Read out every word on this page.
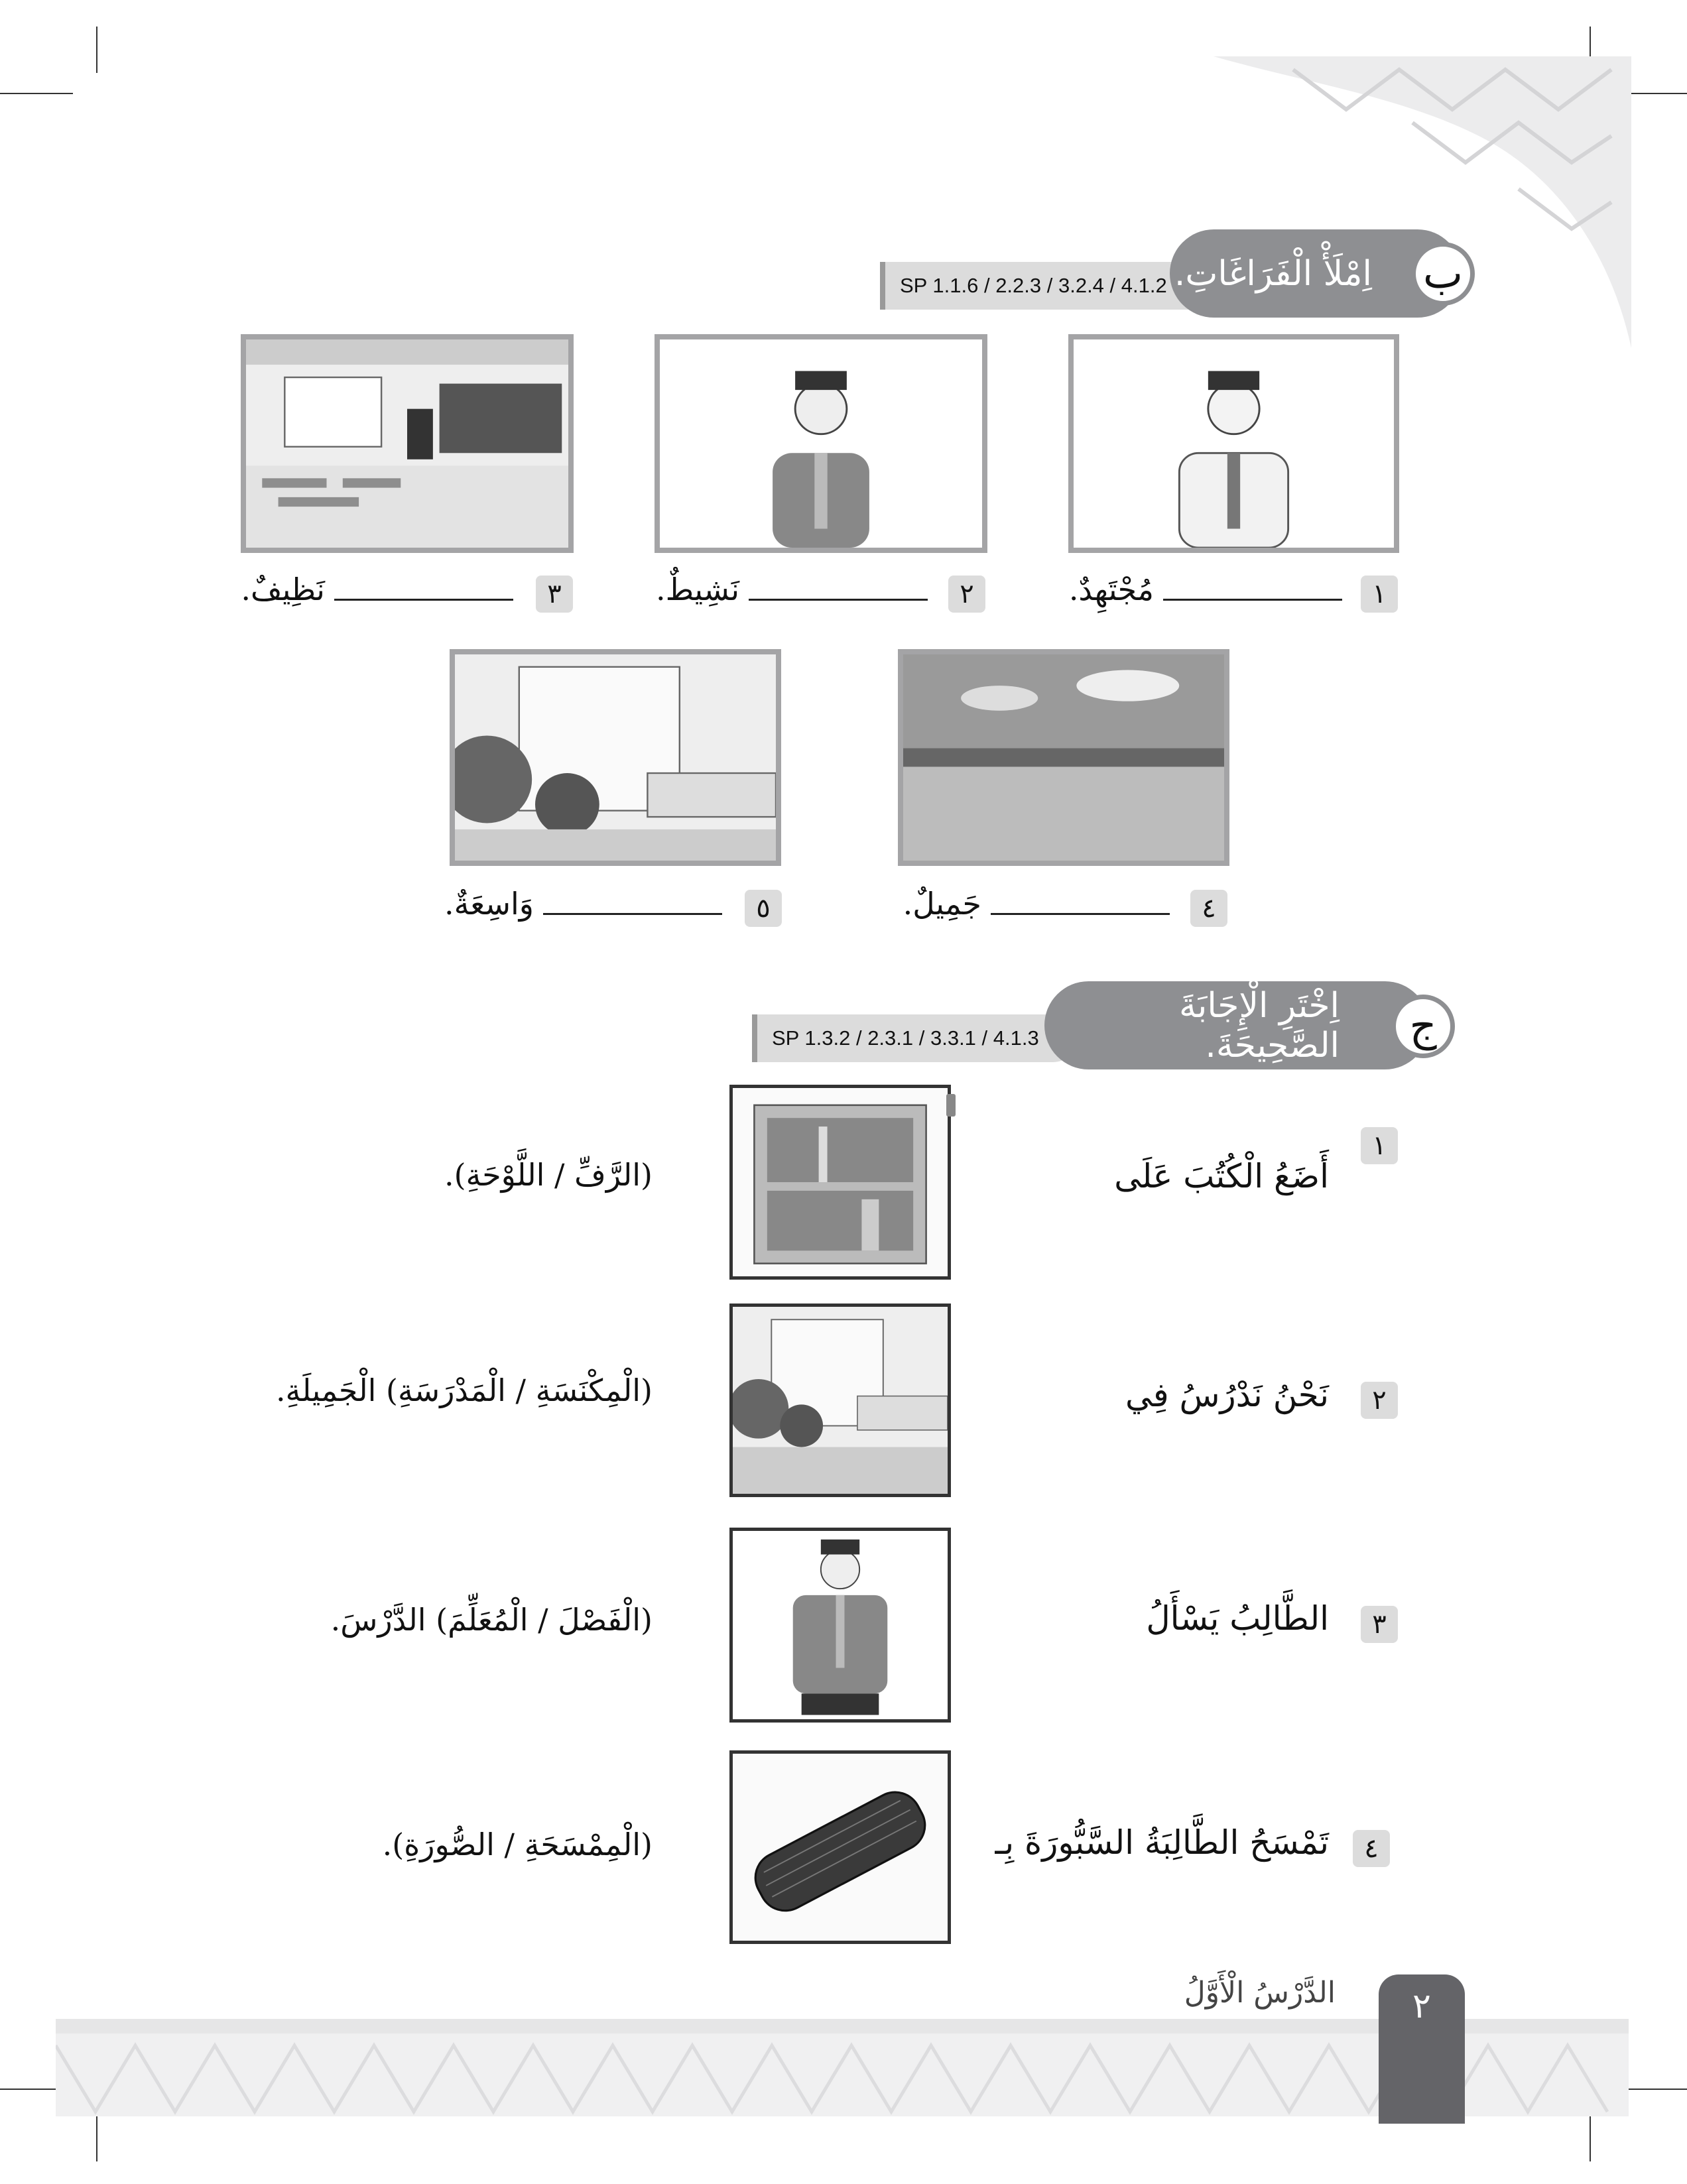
SP 1.1.6 / 2.2.3 / 3.2.4 / 4.1.2 اِمْلَأْ الْفَرَاغَاتِ. ب
٣
نَظِيفٌ.	٢
نَشِيطٌ.	١
مُجْتَهِدٌ.
٥
وَاسِعَةٌ.	٤
جَمِيلٌ.
SP 1.3.2 / 2.3.1 / 3.3.1 / 4.1.3
اِخْتَرِ الْإِجَابَةَ الصَّحِيحَةَ. ج
١
أَضَعُ الْكُتُبَ عَلَى
(الرَّفِّ / اللَّوْحَةِ).
٢
نَحْنُ نَدْرُسُ فِي
(الْمِكْنَسَةِ / الْمَدْرَسَةِ) الْجَمِيلَةِ.
٣
الطَّالِبُ يَسْأَلُ
(الْفَصْلَ / الْمُعَلِّمَ) الدَّرْسَ.
٤
تَمْسَحُ الطَّالِبَةُ السَّبُّورَةَ بِـ
(الْمِمْسَحَةِ / الصُّورَةِ).
٢
الدَّرْسُ الْأَوَّلُ
